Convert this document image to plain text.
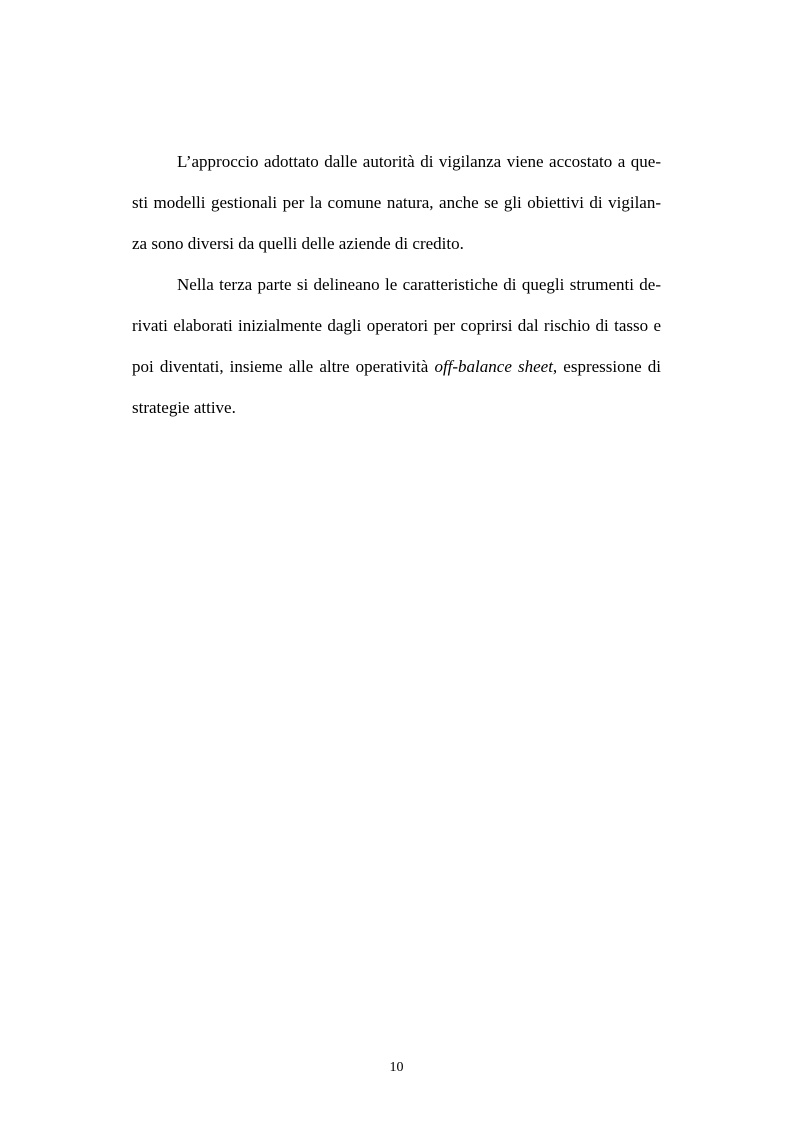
L’approccio adottato dalle autorità di vigilanza viene accostato a que-
sti modelli gestionali per la comune natura, anche se gli obiettivi di vigilan-
za sono diversi da quelli delle aziende di credito.
Nella terza parte si delineano le caratteristiche di quegli strumenti de-
rivati elaborati inizialmente dagli operatori per coprirsi dal rischio di tasso e
poi diventati, insieme alle altre operatività off-balance sheet, espressione di
strategie attive.
10
